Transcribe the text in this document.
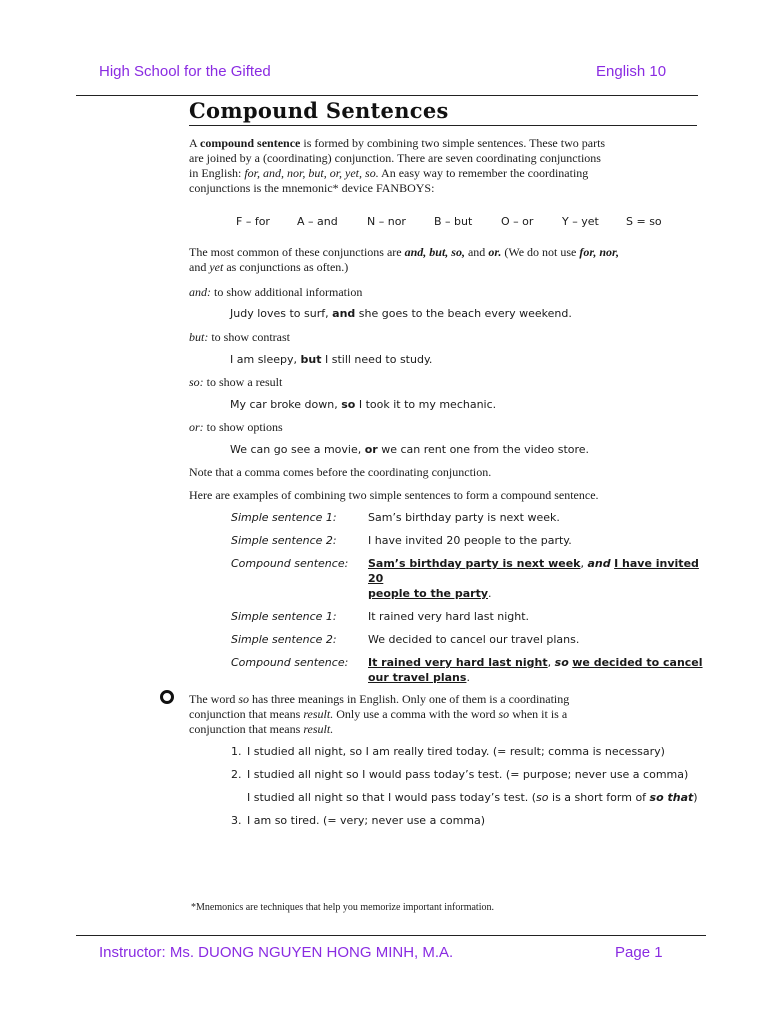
High School for the Gifted	English 10
Compound Sentences
A compound sentence is formed by combining two simple sentences. These two parts
are joined by a (coordinating) conjunction. There are seven coordinating conjunctions
in English: for, and, nor, but, or, yet, so. An easy way to remember the coordinating
conjunctions is the mnemonic* device FANBOYS:
F – for A – and	N – nor	B – but	O – or	Y – yet S = so
The most common of these conjunctions are and, but, so, and or. (We do not use for, nor,
and yet as conjunctions as often.)
and: to show additional information
Judy loves to surf, and she goes to the beach every weekend.
but: to show contrast
I am sleepy, but I still need to study.
so: to show a result
My car broke down, so I took it to my mechanic.
or: to show options
We can go see a movie, or we can rent one from the video store.
Note that a comma comes before the coordinating conjunction.
Here are examples of combining two simple sentences to form a compound sentence.
Simple sentence 1:	Sam’s birthday party is next week.
Simple sentence 2:	I have invited 20 people to the party.
Compound sentence: Sam’s birthday party is next week, and I have invited 20
people to the party.
Simple sentence 1:	It rained very hard last night.
Simple sentence 2:	We decided to cancel our travel plans.
Compound sentence: It rained very hard last night, so we decided to cancel
our travel plans.
The word so has three meanings in English. Only one of them is a coordinating
conjunction that means result. Only use a comma with the word so when it is a
conjunction that means result.
1. I studied all night, so I am really tired today. (= result; comma is necessary)
2. I studied all night so I would pass today’s test. (= purpose; never use a comma)
I studied all night so that I would pass today’s test. (so is a short form of so that)
3. I am so tired. (= very; never use a comma)
*Mnemonics are techniques that help you memorize important information.
Instructor: Ms. DUONG NGUYEN HONG MINH, M.A.	Page 1
